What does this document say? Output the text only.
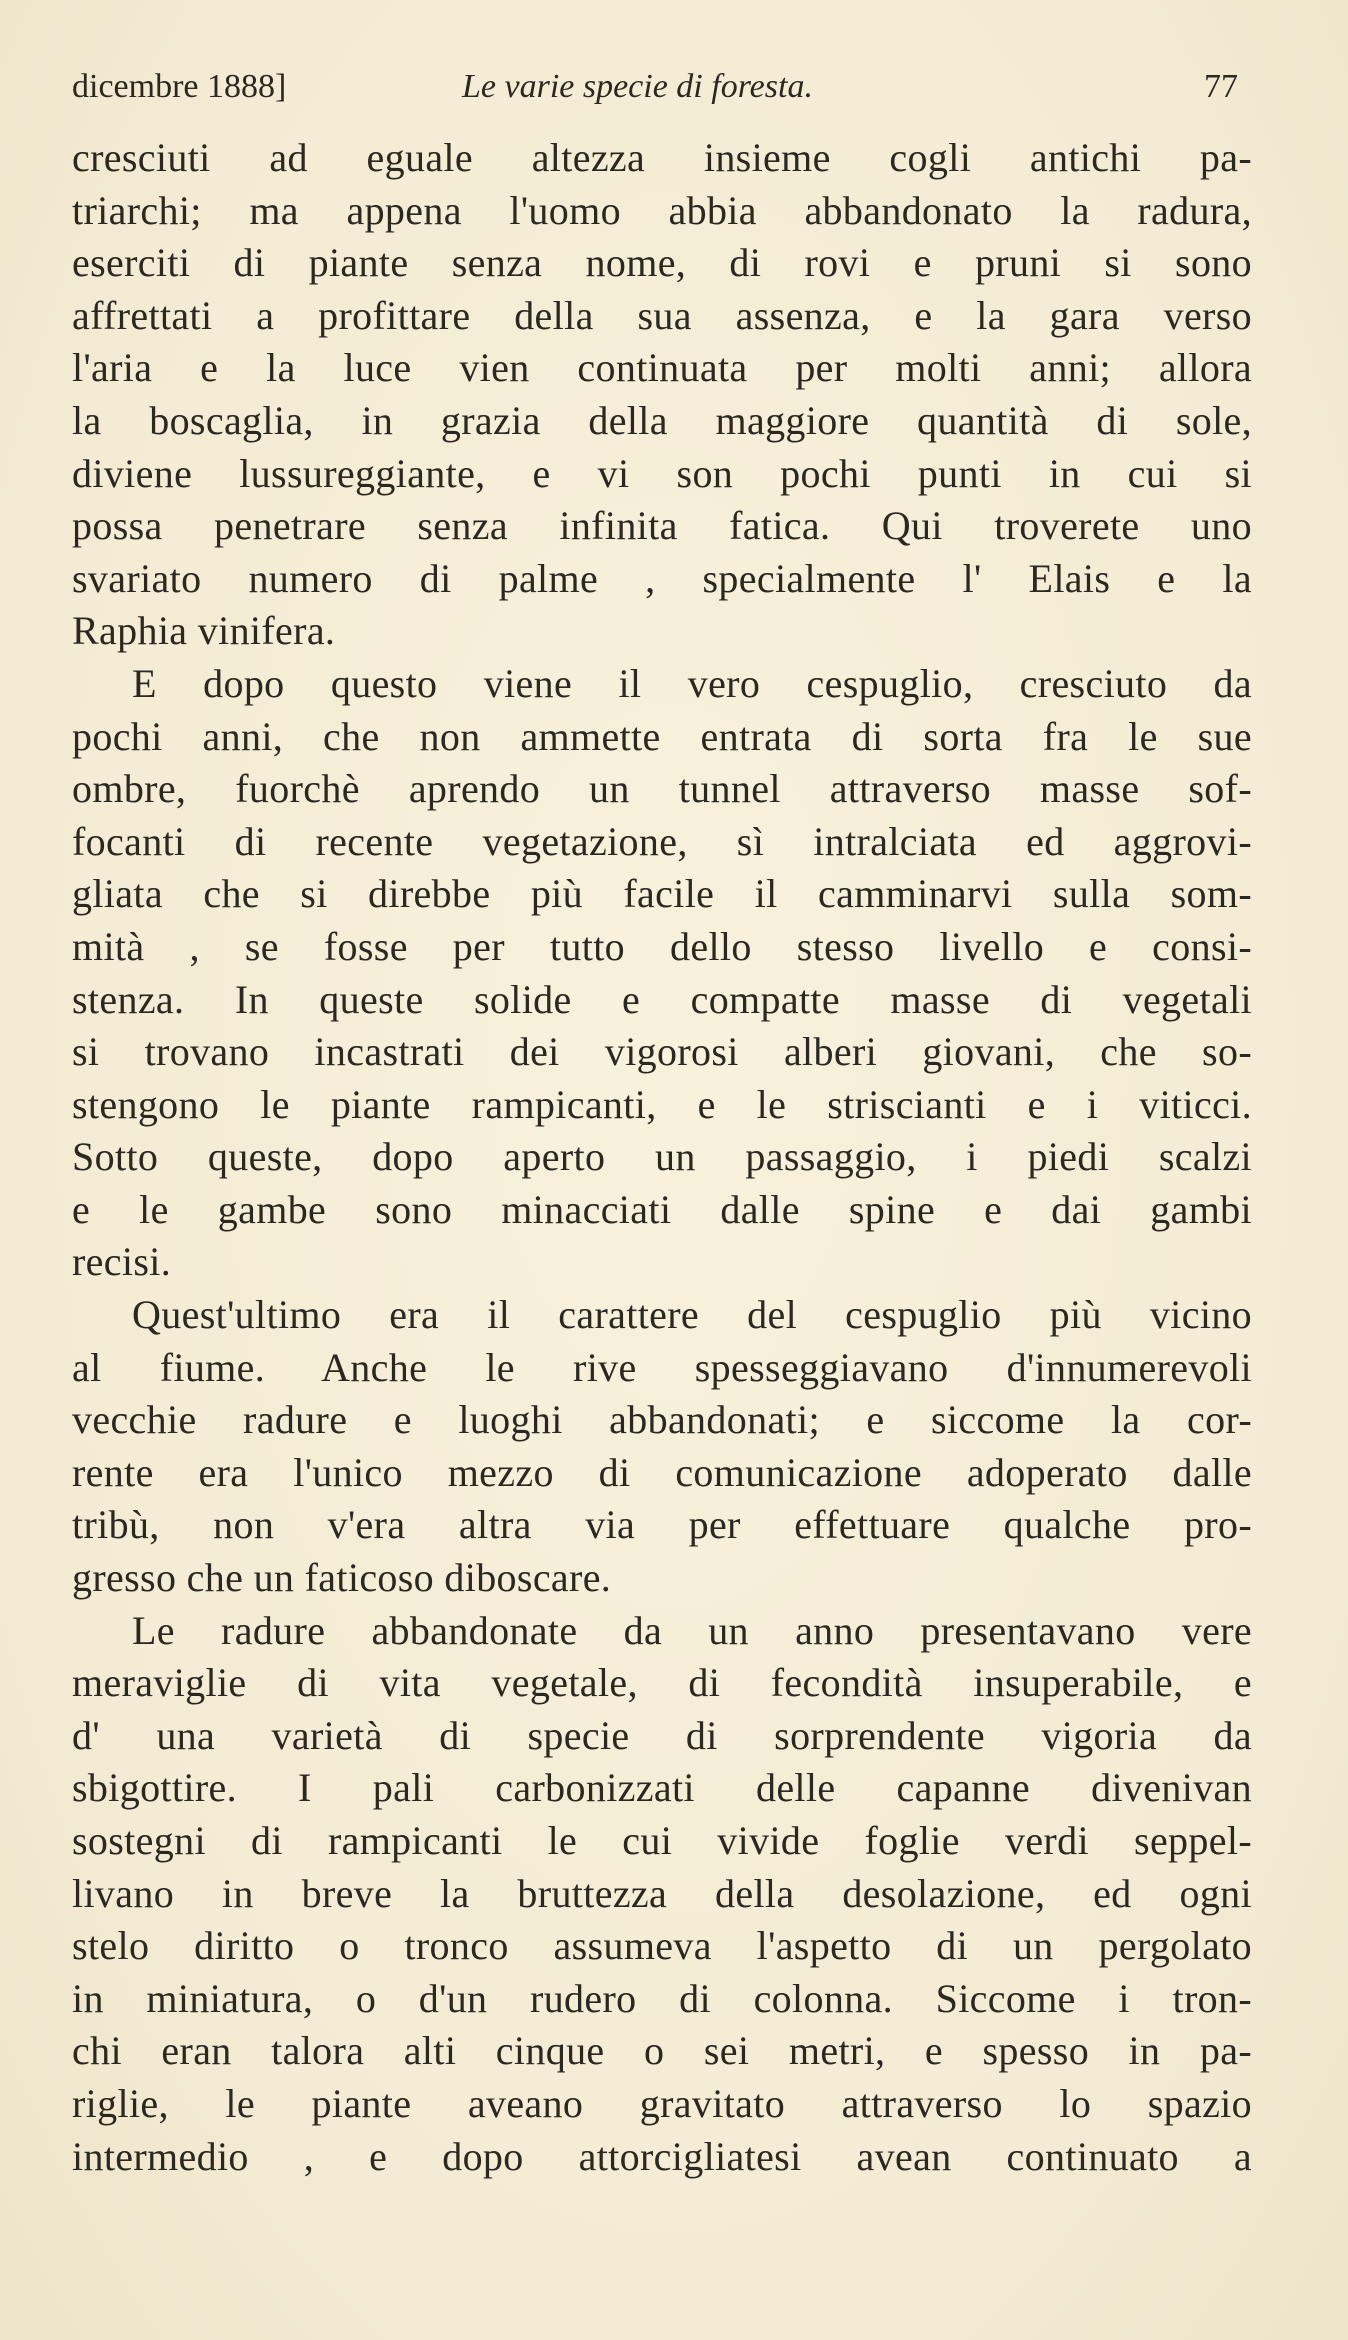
dicembre 1888]	Le varie specie di foresta.	77
cresciuti ad eguale altezza insieme cogli antichi pa-
triarchi; ma appena l'uomo abbia abbandonato la radura,
eserciti di piante senza nome, di rovi e pruni si sono
affrettati a profittare della sua assenza, e la gara verso
l'aria e la luce vien continuata per molti anni; allora
la boscaglia, in grazia della maggiore quantità di sole,
diviene lussureggiante, e vi son pochi punti in cui si
possa penetrare senza infinita fatica. Qui troverete uno
svariato numero di palme , specialmente l' Elais e la
Raphia vinifera.
E dopo questo viene il vero cespuglio, cresciuto da
pochi anni, che non ammette entrata di sorta fra le sue
ombre, fuorchè aprendo un tunnel attraverso masse sof-
focanti di recente vegetazione, sì intralciata ed aggrovi-
gliata che si direbbe più facile il camminarvi sulla som-
mità , se fosse per tutto dello stesso livello e consi-
stenza. In queste solide e compatte masse di vegetali
si trovano incastrati dei vigorosi alberi giovani, che so-
stengono le piante rampicanti, e le striscianti e i viticci.
Sotto queste, dopo aperto un passaggio, i piedi scalzi
e le gambe sono minacciati dalle spine e dai gambi
recisi.
Quest'ultimo era il carattere del cespuglio più vicino
al fiume. Anche le rive spesseggiavano d'innumerevoli
vecchie radure e luoghi abbandonati; e siccome la cor-
rente era l'unico mezzo di comunicazione adoperato dalle
tribù, non v'era altra via per effettuare qualche pro-
gresso che un faticoso diboscare.
Le radure abbandonate da un anno presentavano vere
meraviglie di vita vegetale, di fecondità insuperabile, e
d' una varietà di specie di sorprendente vigoria da
sbigottire. I pali carbonizzati delle capanne divenivan
sostegni di rampicanti le cui vivide foglie verdi seppel-
livano in breve la bruttezza della desolazione, ed ogni
stelo diritto o tronco assumeva l'aspetto di un pergolato
in miniatura, o d'un rudero di colonna. Siccome i tron-
chi eran talora alti cinque o sei metri, e spesso in pa-
riglie, le piante aveano gravitato attraverso lo spazio
intermedio , e dopo attorcigliatesi avean continuato a
